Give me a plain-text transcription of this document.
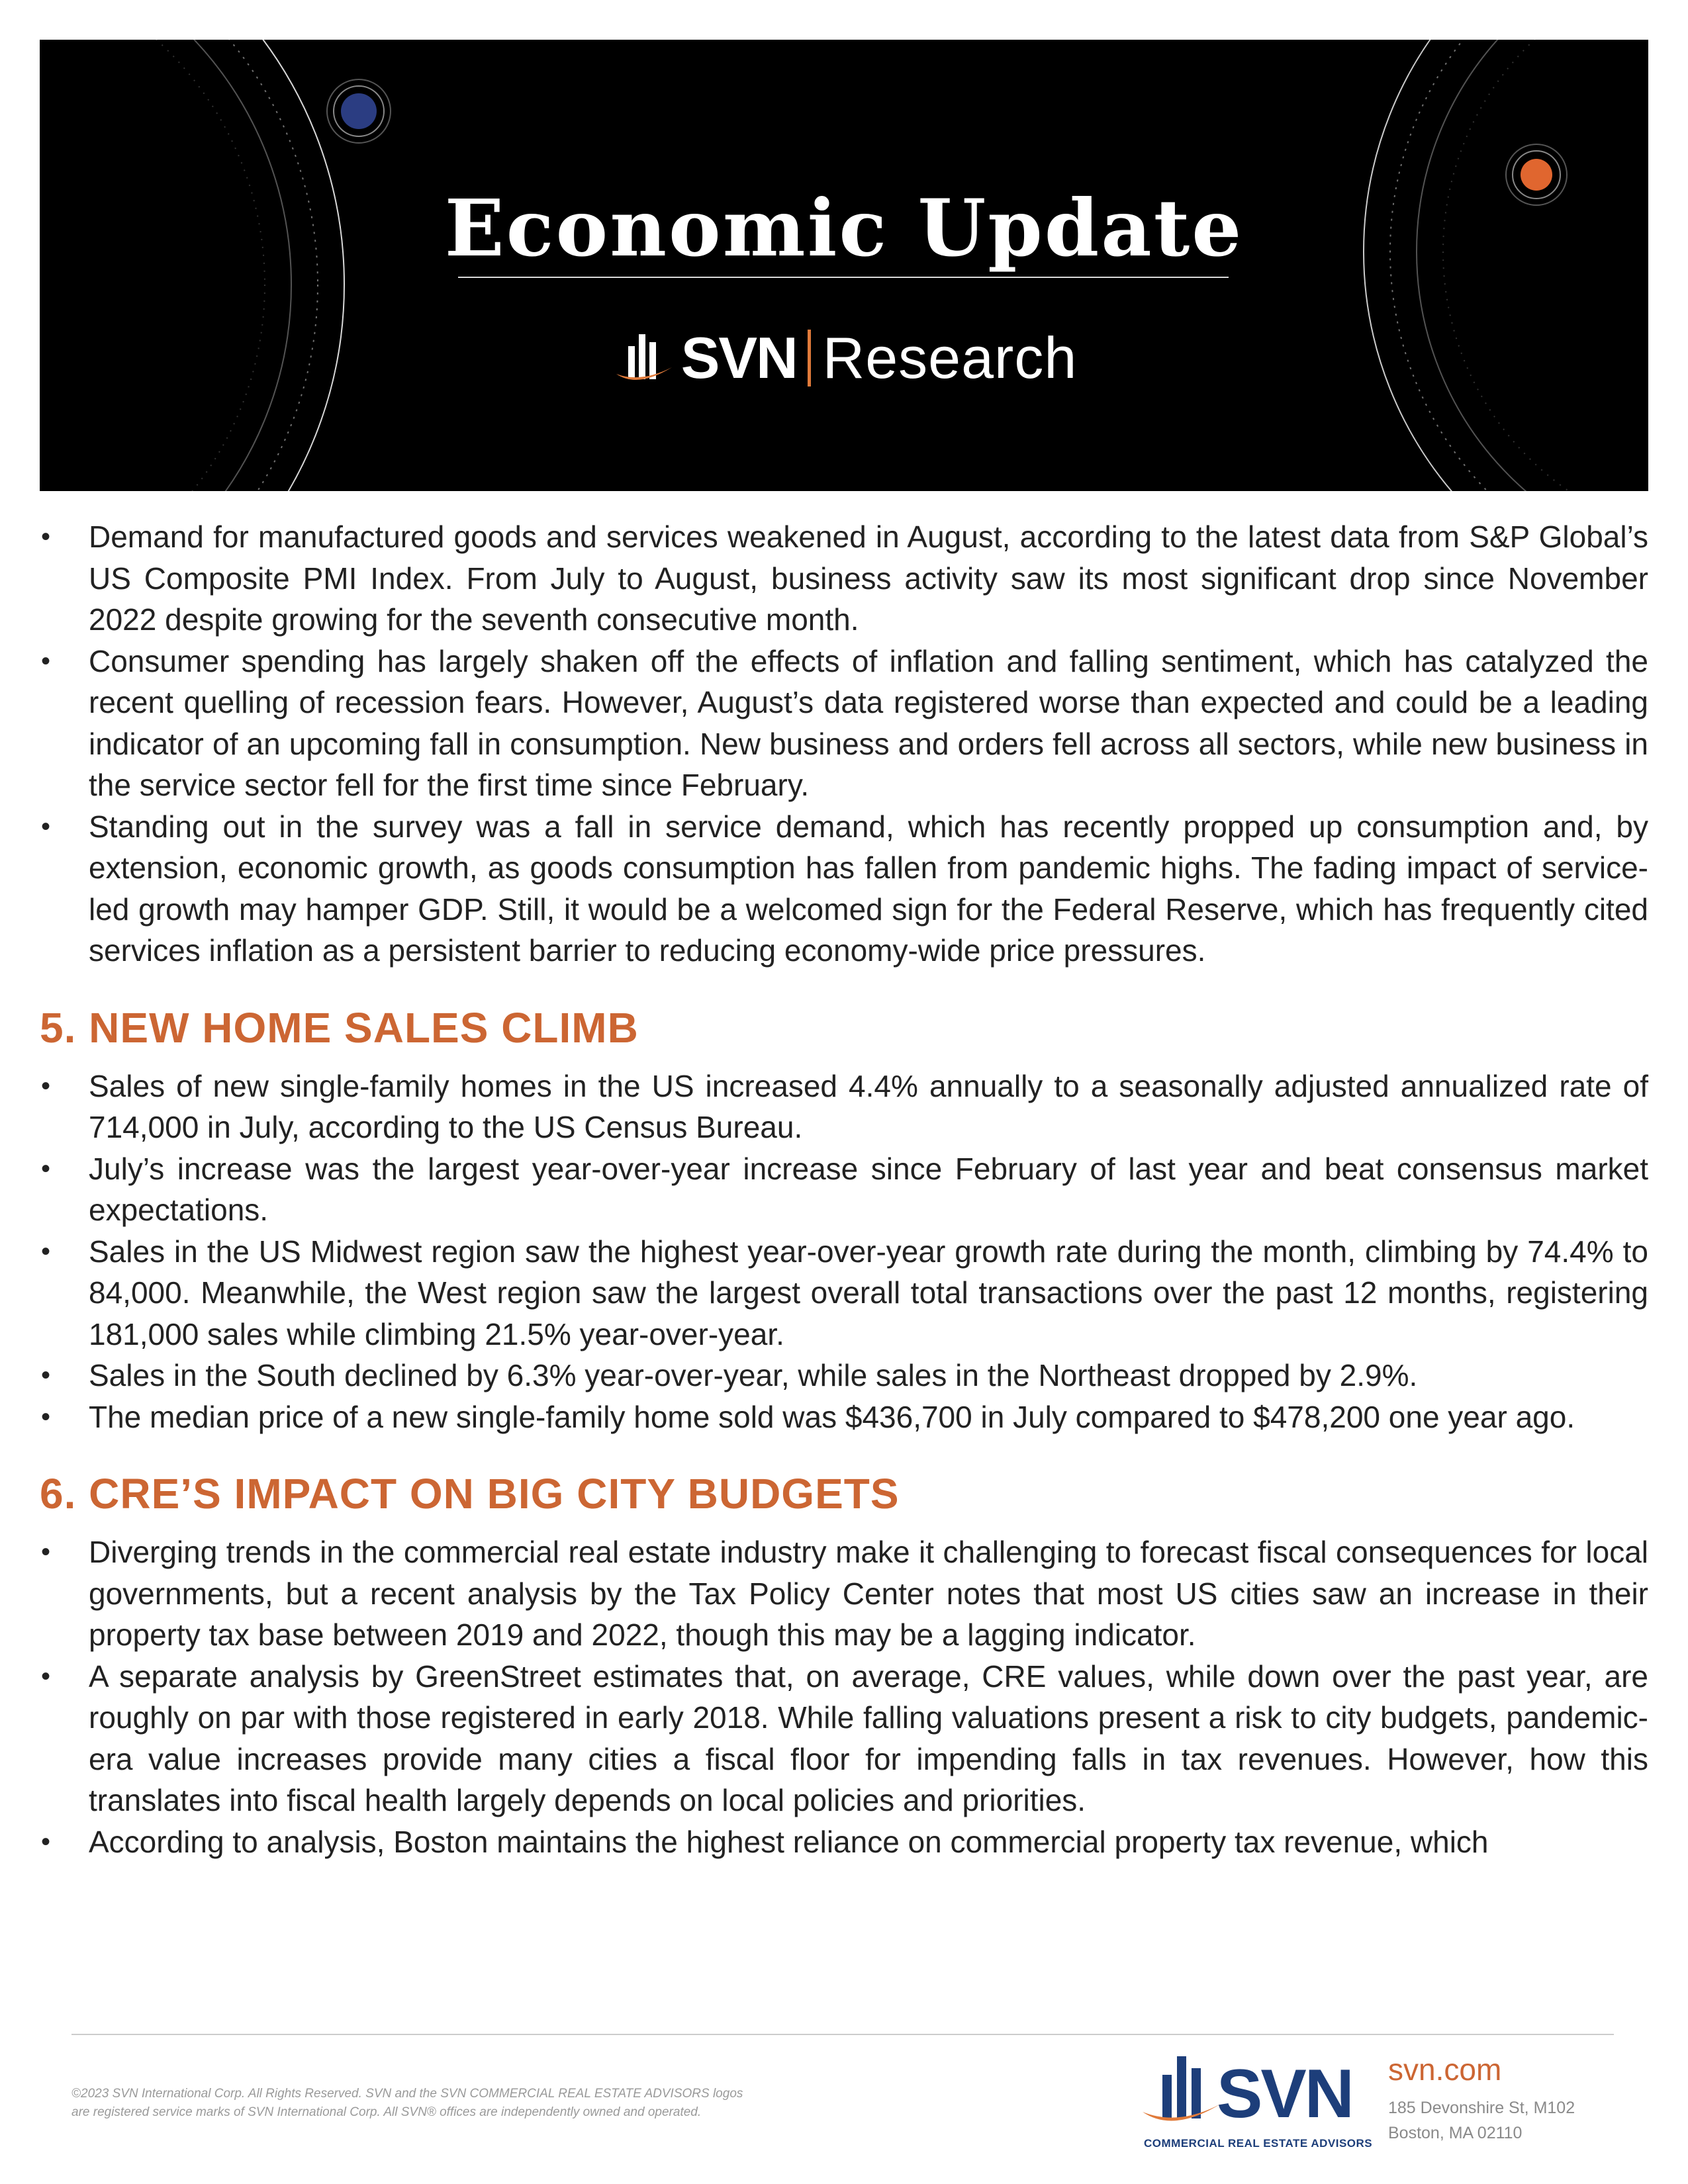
Economic Update
SVN Research
• Demand for manufactured goods and services weakened in August, according to the latest data from S&P Global’s US Composite PMI Index. From July to August, business activity saw its most significant drop since November 2022 despite growing for the seventh consecutive month.
• Consumer spending has largely shaken off the effects of inflation and falling sentiment, which has catalyzed the recent quelling of recession fears. However, August’s data registered worse than expected and could be a leading indicator of an upcoming fall in consumption. New business and orders fell across all sectors, while new business in the service sector fell for the first time since February.
• Standing out in the survey was a fall in service demand, which has recently propped up consumption and, by extension, economic growth, as goods consumption has fallen from pandemic highs. The fading impact of service-led growth may hamper GDP. Still, it would be a welcomed sign for the Federal Reserve, which has frequently cited services inflation as a persistent barrier to reducing economy-wide price pressures.
5. NEW HOME SALES CLIMB
• Sales of new single-family homes in the US increased 4.4% annually to a seasonally adjusted annualized rate of 714,000 in July, according to the US Census Bureau.
• July’s increase was the largest year-over-year increase since February of last year and beat consensus market expectations.
• Sales in the US Midwest region saw the highest year-over-year growth rate during the month, climbing by 74.4% to 84,000. Meanwhile, the West region saw the largest overall total transactions over the past 12 months, registering 181,000 sales while climbing 21.5% year-over-year.
• Sales in the South declined by 6.3% year-over-year, while sales in the Northeast dropped by 2.9%.
• The median price of a new single-family home sold was $436,700 in July compared to $478,200 one year ago.
6. CRE’S IMPACT ON BIG CITY BUDGETS
• Diverging trends in the commercial real estate industry make it challenging to forecast fiscal consequences for local governments, but a recent analysis by the Tax Policy Center notes that most US cities saw an increase in their property tax base between 2019 and 2022, though this may be a lagging indicator.
• A separate analysis by GreenStreet estimates that, on average, CRE values, while down over the past year, are roughly on par with those registered in early 2018. While falling valuations present a risk to city budgets, pandemic-era value increases provide many cities a fiscal floor for impending falls in tax revenues. However, how this translates into fiscal health largely depends on local policies and priorities.
• According to analysis, Boston maintains the highest reliance on commercial property tax revenue, which
©2023 SVN International Corp. All Rights Reserved. SVN and the SVN COMMERCIAL REAL ESTATE ADVISORS logos
are registered service marks of SVN International Corp. All SVN® offices are independently owned and operated.	SVN
COMMERCIAL REAL ESTATE ADVISORS
svn.com
185 Devonshire St, M102
Boston, MA 02110
